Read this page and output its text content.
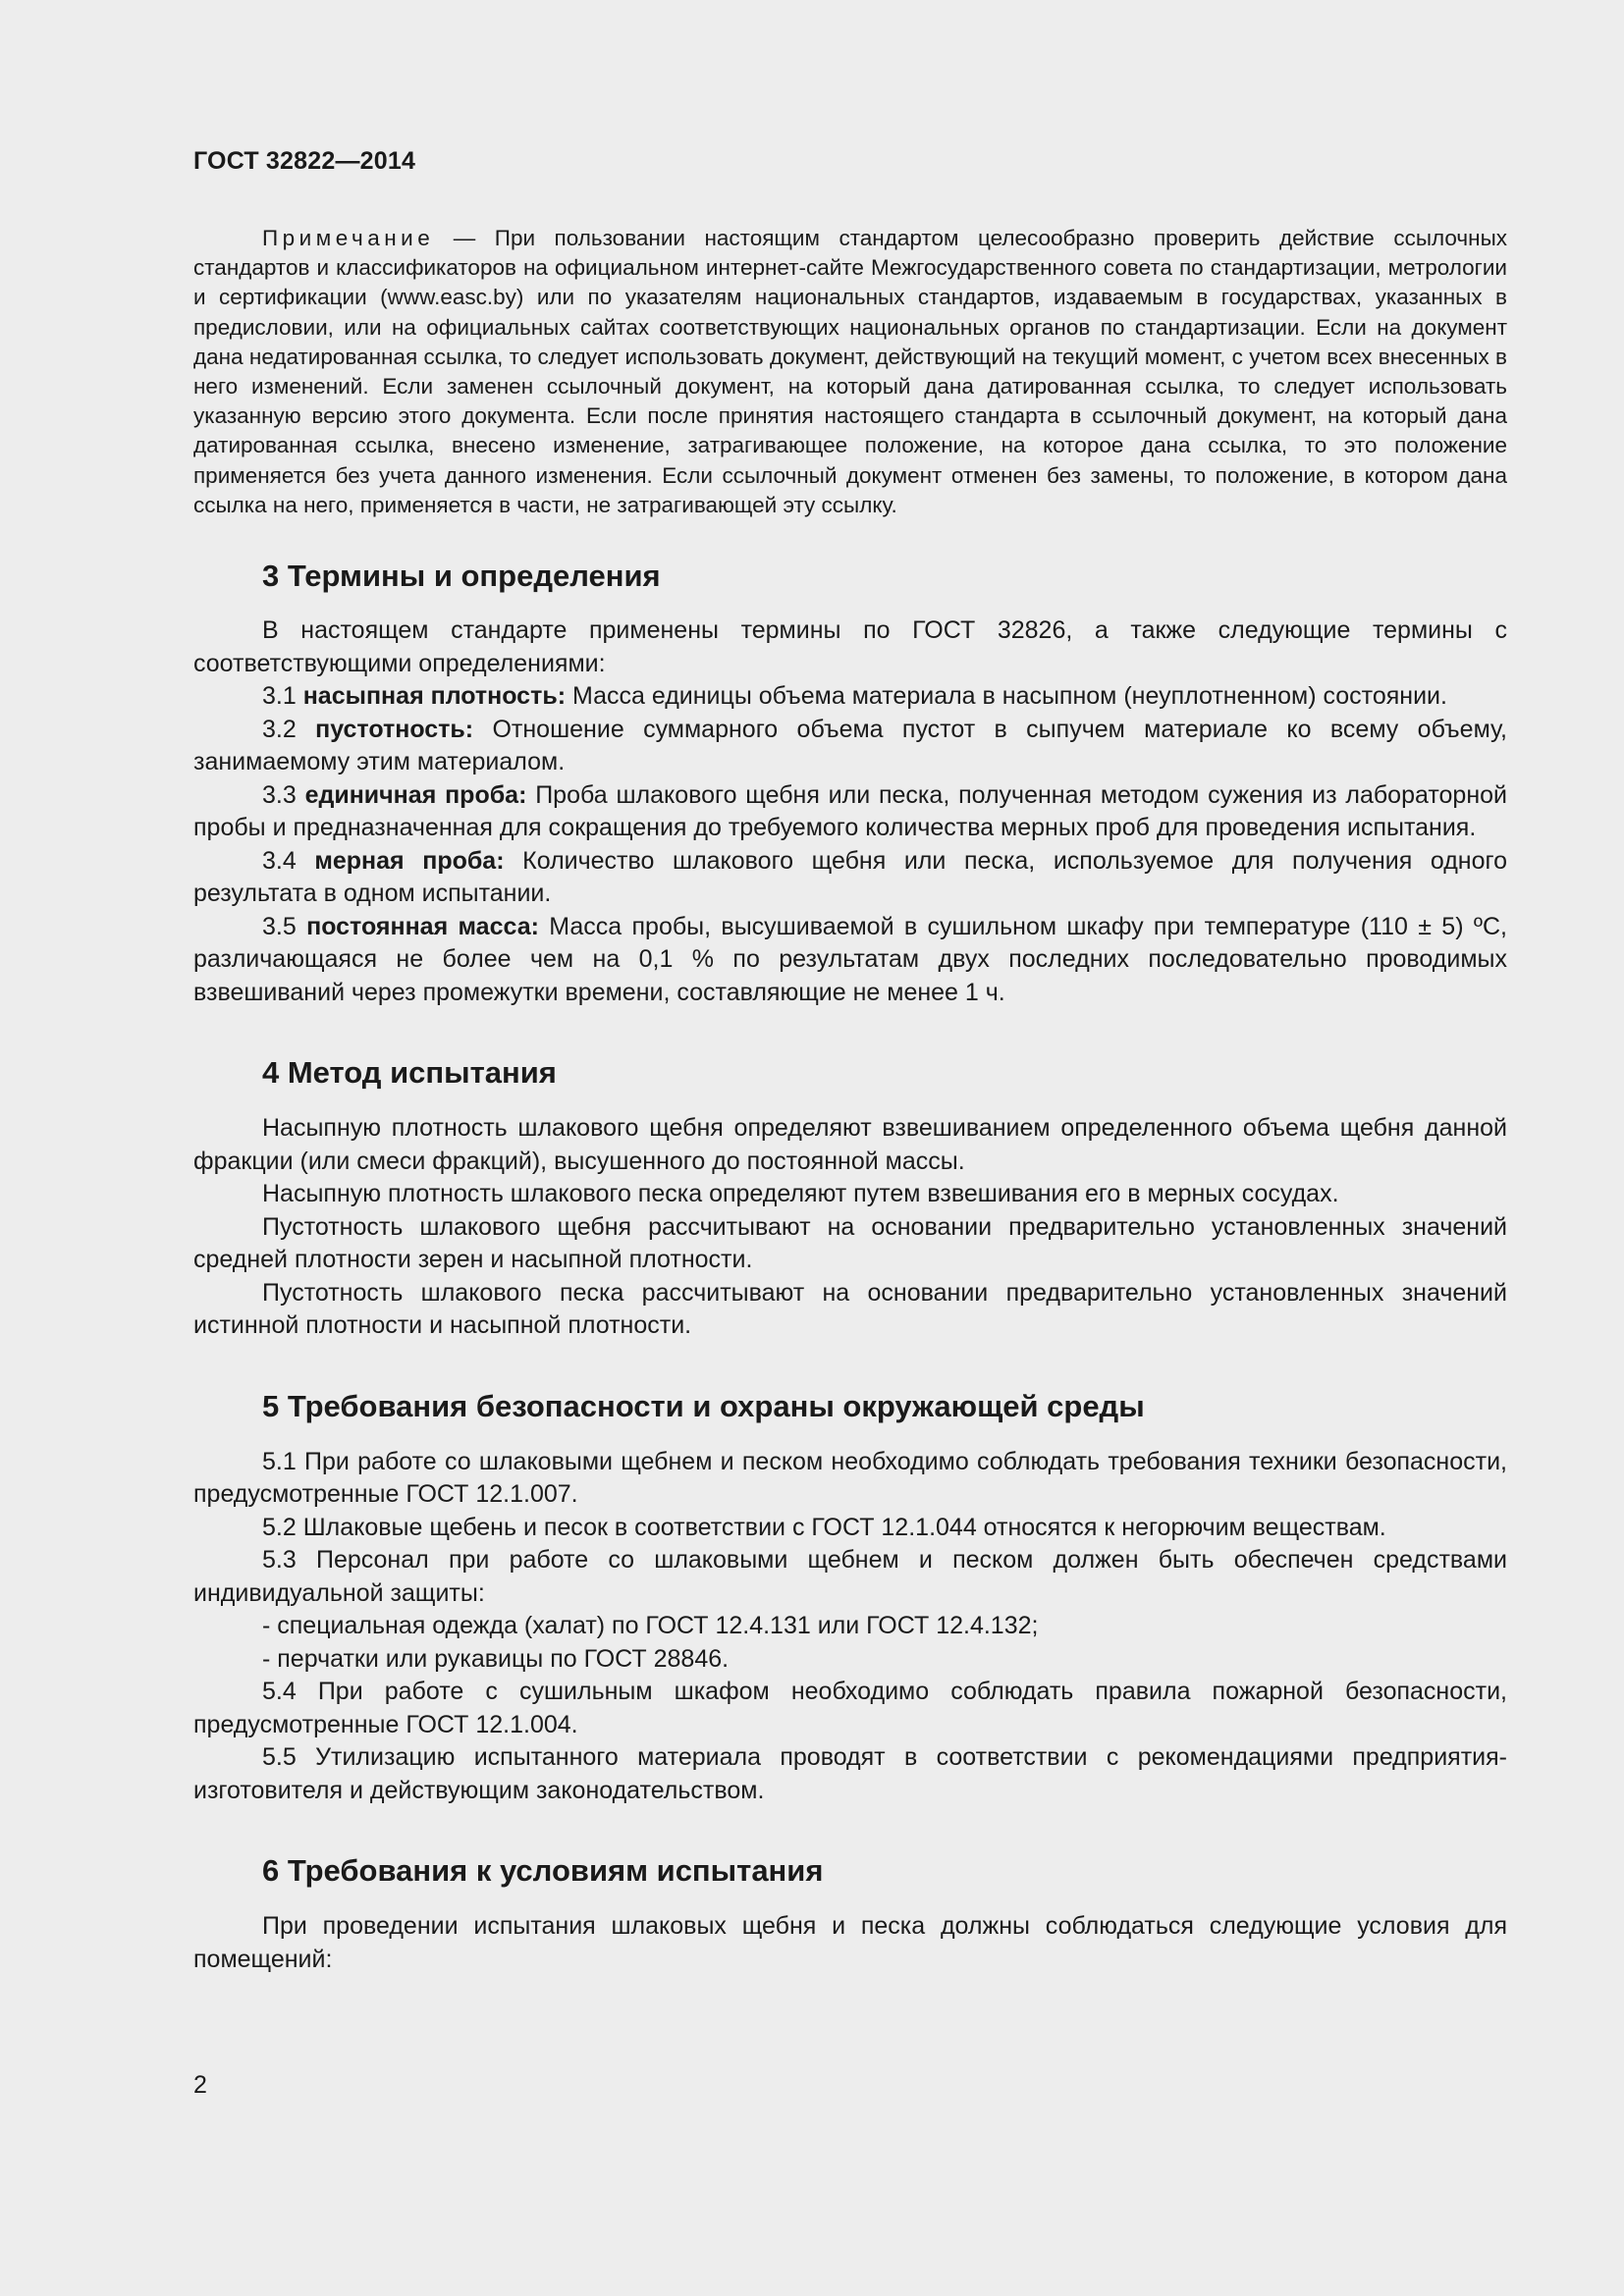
ГОСТ 32822—2014

Примечание — При пользовании настоящим стандартом целесообразно проверить действие ссылочных стандартов и классификаторов на официальном интернет-сайте Межгосударственного совета по стандартизации, метрологии и сертификации (www.easc.by) или по указателям национальных стандартов, издаваемым в государствах, указанных в предисловии, или на официальных сайтах соответствующих национальных органов по стандартизации. Если на документ дана недатированная ссылка, то следует использовать документ, действующий на текущий момент, с учетом всех внесенных в него изменений. Если заменен ссылочный документ, на который дана датированная ссылка, то следует использовать указанную версию этого документа. Если после принятия настоящего стандарта в ссылочный документ, на который дана датированная ссылка, внесено изменение, затрагивающее положение, на которое дана ссылка, то это положение применяется без учета данного изменения. Если ссылочный документ отменен без замены, то положение, в котором дана ссылка на него, применяется в части, не затрагивающей эту ссылку.

3 Термины и определения

В настоящем стандарте применены термины по ГОСТ 32826, а также следующие термины с соответствующими определениями:

3.1 насыпная плотность: Масса единицы объема материала в насыпном (неуплотненном) состоянии.

3.2 пустотность: Отношение суммарного объема пустот в сыпучем материале ко всему объему, занимаемому этим материалом.

3.3 единичная проба: Проба шлакового щебня или песка, полученная методом сужения из лабораторной пробы и предназначенная для сокращения до требуемого количества мерных проб для проведения испытания.

3.4 мерная проба: Количество шлакового щебня или песка, используемое для получения одного результата в одном испытании.

3.5 постоянная масса: Масса пробы, высушиваемой в сушильном шкафу при температуре (110 ± 5) ºС, различающаяся не более чем на 0,1 % по результатам двух последних последовательно проводимых взвешиваний через промежутки времени, составляющие не менее 1 ч.

4 Метод испытания

Насыпную плотность шлакового щебня определяют взвешиванием определенного объема щебня данной фракции (или смеси фракций), высушенного до постоянной массы.

Насыпную плотность шлакового песка определяют путем взвешивания его в мерных сосудах.

Пустотность шлакового щебня рассчитывают на основании предварительно установленных значений средней плотности зерен и насыпной плотности.

Пустотность шлакового песка рассчитывают на основании предварительно установленных значений истинной плотности и насыпной плотности.

5 Требования безопасности и охраны окружающей среды

5.1 При работе со шлаковыми щебнем и песком необходимо соблюдать требования техники безопасности, предусмотренные ГОСТ 12.1.007.

5.2 Шлаковые щебень и песок в соответствии с ГОСТ 12.1.044 относятся к негорючим веществам.

5.3 Персонал при работе со шлаковыми щебнем и песком должен быть обеспечен средствами индивидуальной защиты:

- специальная одежда (халат) по ГОСТ 12.4.131 или ГОСТ 12.4.132;

- перчатки или рукавицы по ГОСТ 28846.

5.4 При работе с сушильным шкафом необходимо соблюдать правила пожарной безопасности, предусмотренные ГОСТ 12.1.004.

5.5 Утилизацию испытанного материала проводят в соответствии с рекомендациями предприятия-изготовителя и действующим законодательством.

6 Требования к условиям испытания

При проведении испытания шлаковых щебня и песка должны соблюдаться следующие условия для помещений:

2
